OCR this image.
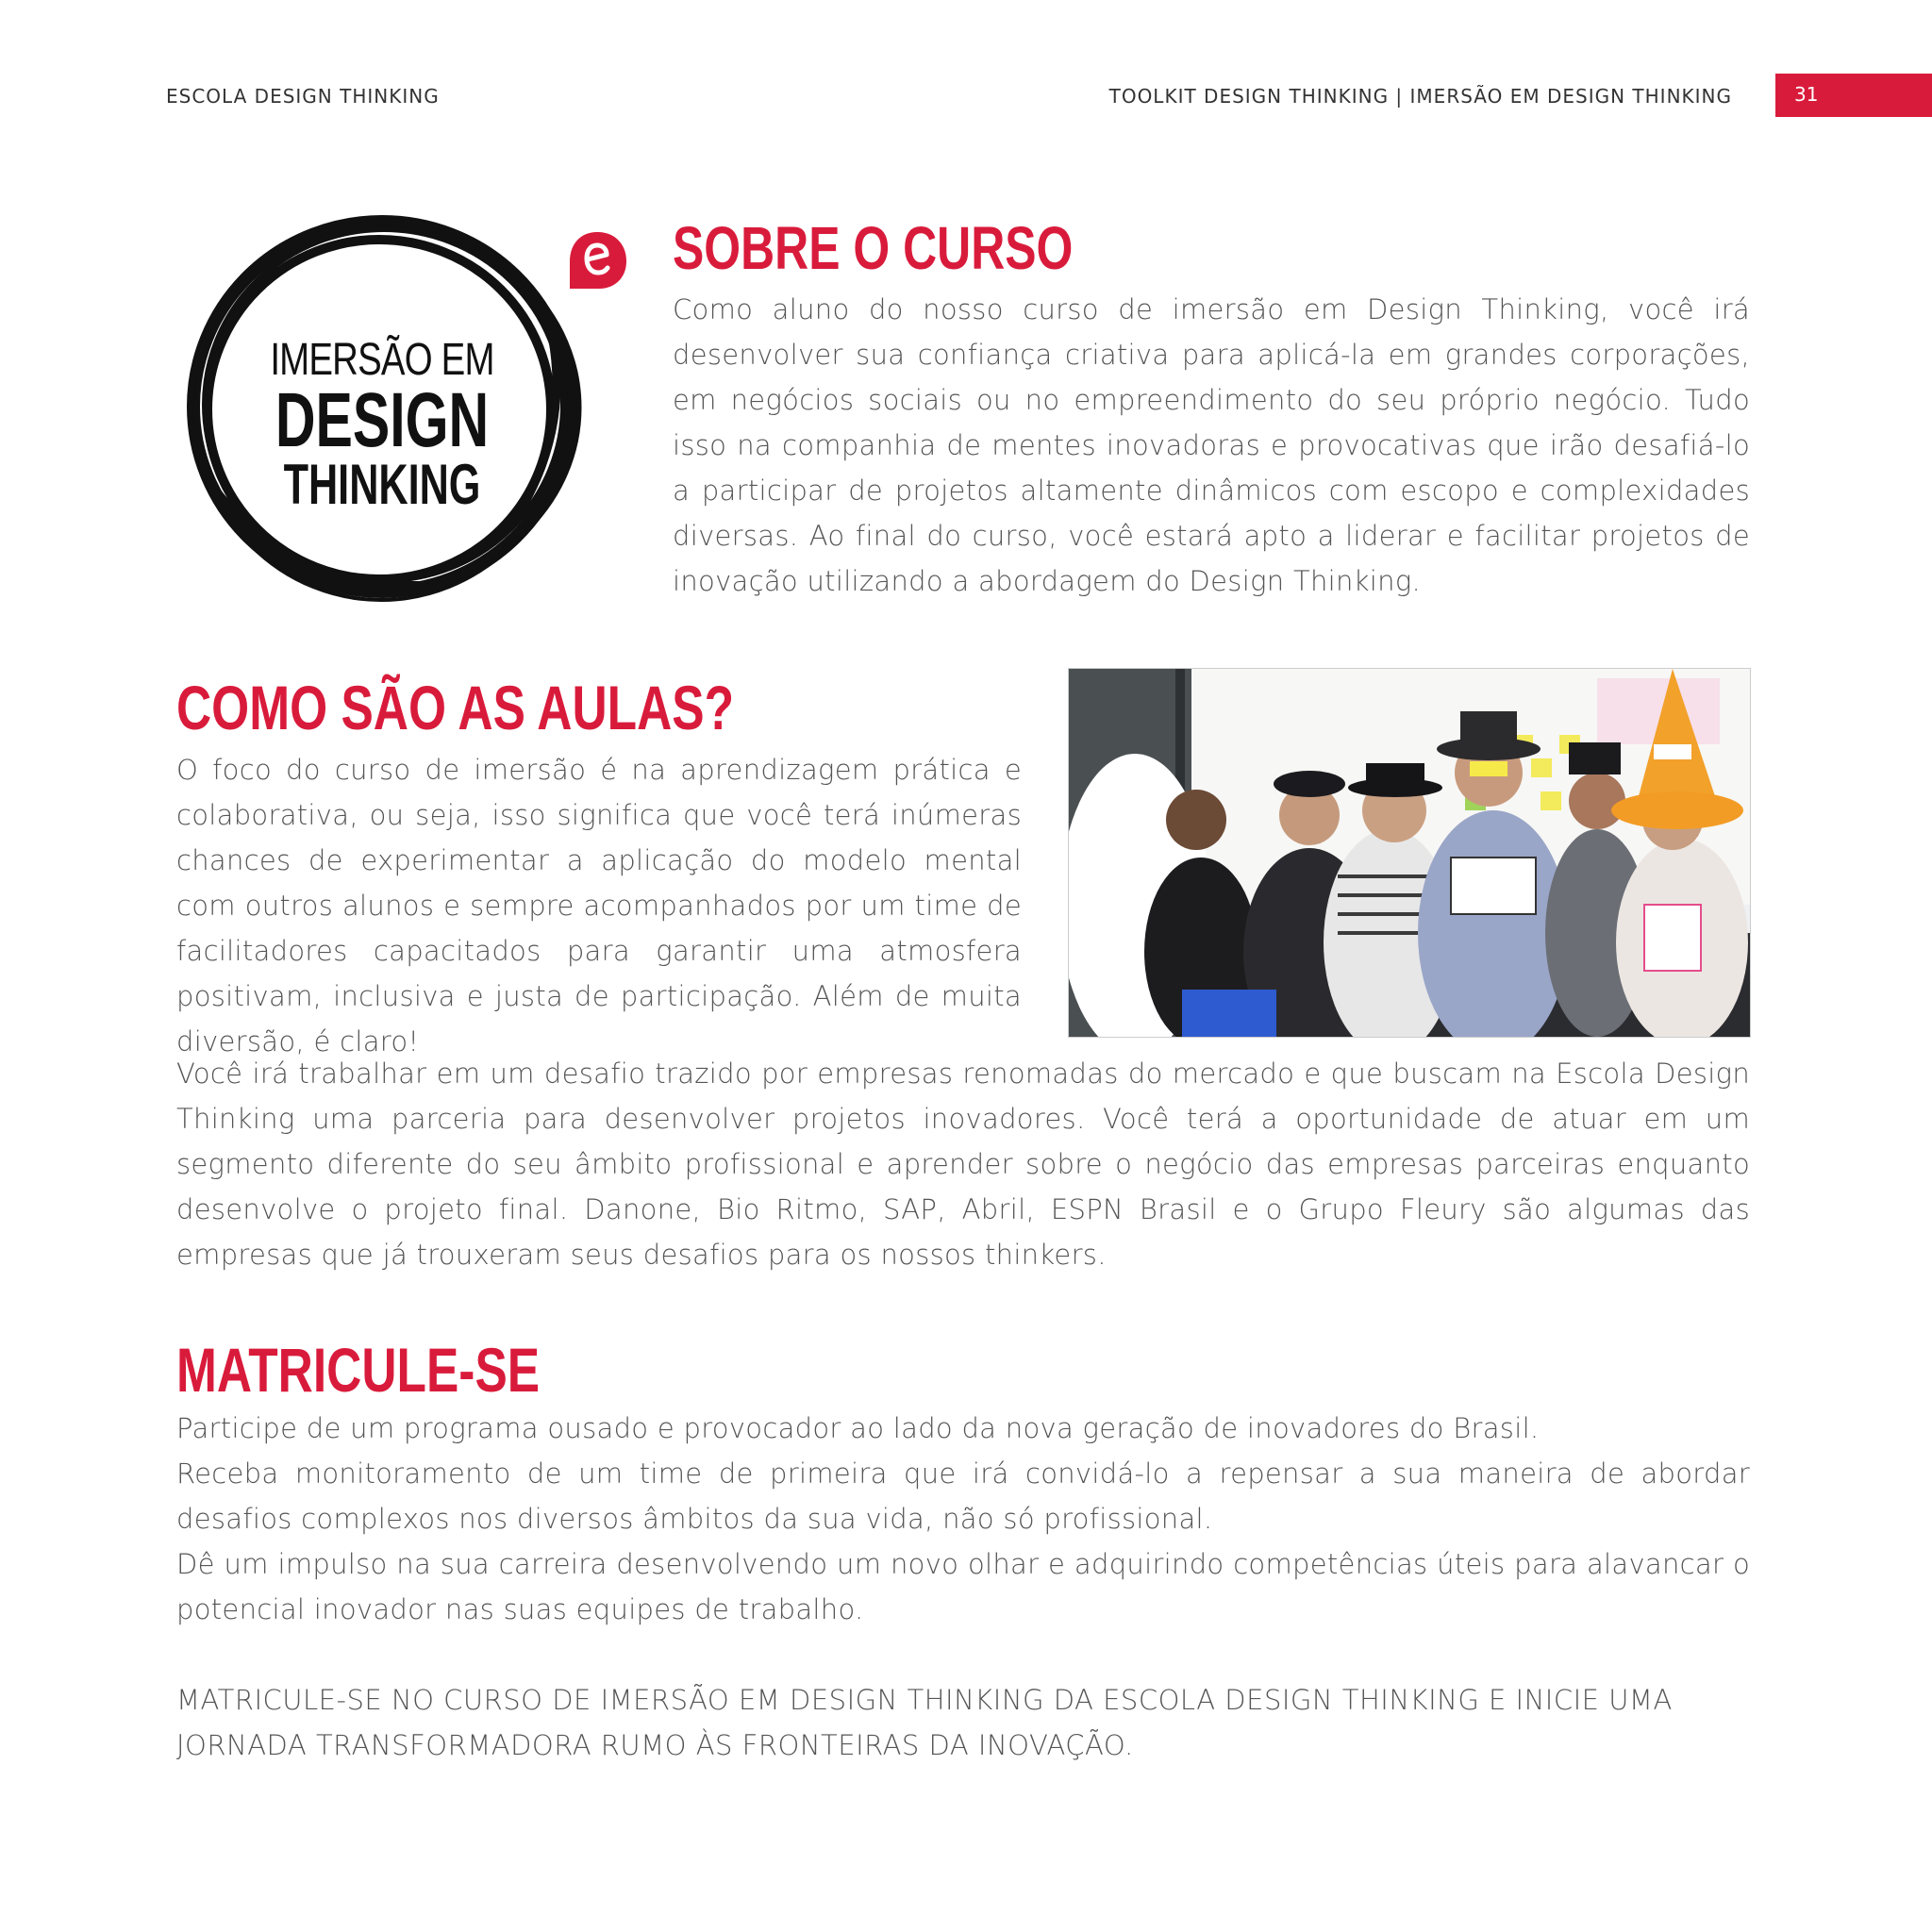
ESCOLA DESIGN THINKING	TOOLKIT DESIGN THINKING | IMERSÃO EM DESIGN THINKING	31
IMERSÃO EM
DESIGN
THINKING
SOBRE O CURSO

Como aluno do nosso curso de imersão em Design Thinking, você irá desenvolver sua confiança criativa para aplicá-la em grandes corporações, em negócios sociais ou no empreendimento do seu próprio negócio. Tudo isso na companhia de mentes inovadoras e provocativas que irão desafiá-lo a participar de projetos altamente dinâmicos com escopo e complexidades diversas. Ao final do curso, você estará apto a liderar e facilitar projetos de inovação utilizando a abordagem do Design Thinking.

COMO SÃO AS AULAS?

O foco do curso de imersão é na aprendizagem prática e colaborativa, ou seja, isso significa que você terá inúmeras chances de experimentar a aplicação do modelo mental com outros alunos e sempre acompanhados por um time de facilitadores capacitados para garantir uma atmosfera positivam, inclusiva e justa de participação. Além de muita diversão, é claro!

Você irá trabalhar em um desafio trazido por empresas renomadas do mercado e que buscam na Escola Design Thinking uma parceria para desenvolver projetos inovadores. Você terá a oportunidade de atuar em um segmento diferente do seu âmbito profissional e aprender sobre o negócio das empresas parceiras enquanto desenvolve o projeto final. Danone, Bio Ritmo, SAP, Abril, ESPN Brasil e o Grupo Fleury são algumas das empresas que já trouxeram seus desafios para os nossos thinkers.

MATRICULE-SE

Participe de um programa ousado e provocador ao lado da nova geração de inovadores do Brasil.

Receba monitoramento de um time de primeira que irá convidá-lo a repensar a sua maneira de abordar desafios complexos nos diversos âmbitos da sua vida, não só profissional.

Dê um impulso na sua carreira desenvolvendo um novo olhar e adquirindo competências úteis para alavancar o potencial inovador nas suas equipes de trabalho.

MATRICULE-SE NO CURSO DE IMERSÃO EM DESIGN THINKING DA ESCOLA DESIGN THINKING E INICIE UMA JORNADA TRANSFORMADORA RUMO ÀS FRONTEIRAS DA INOVAÇÃO.
